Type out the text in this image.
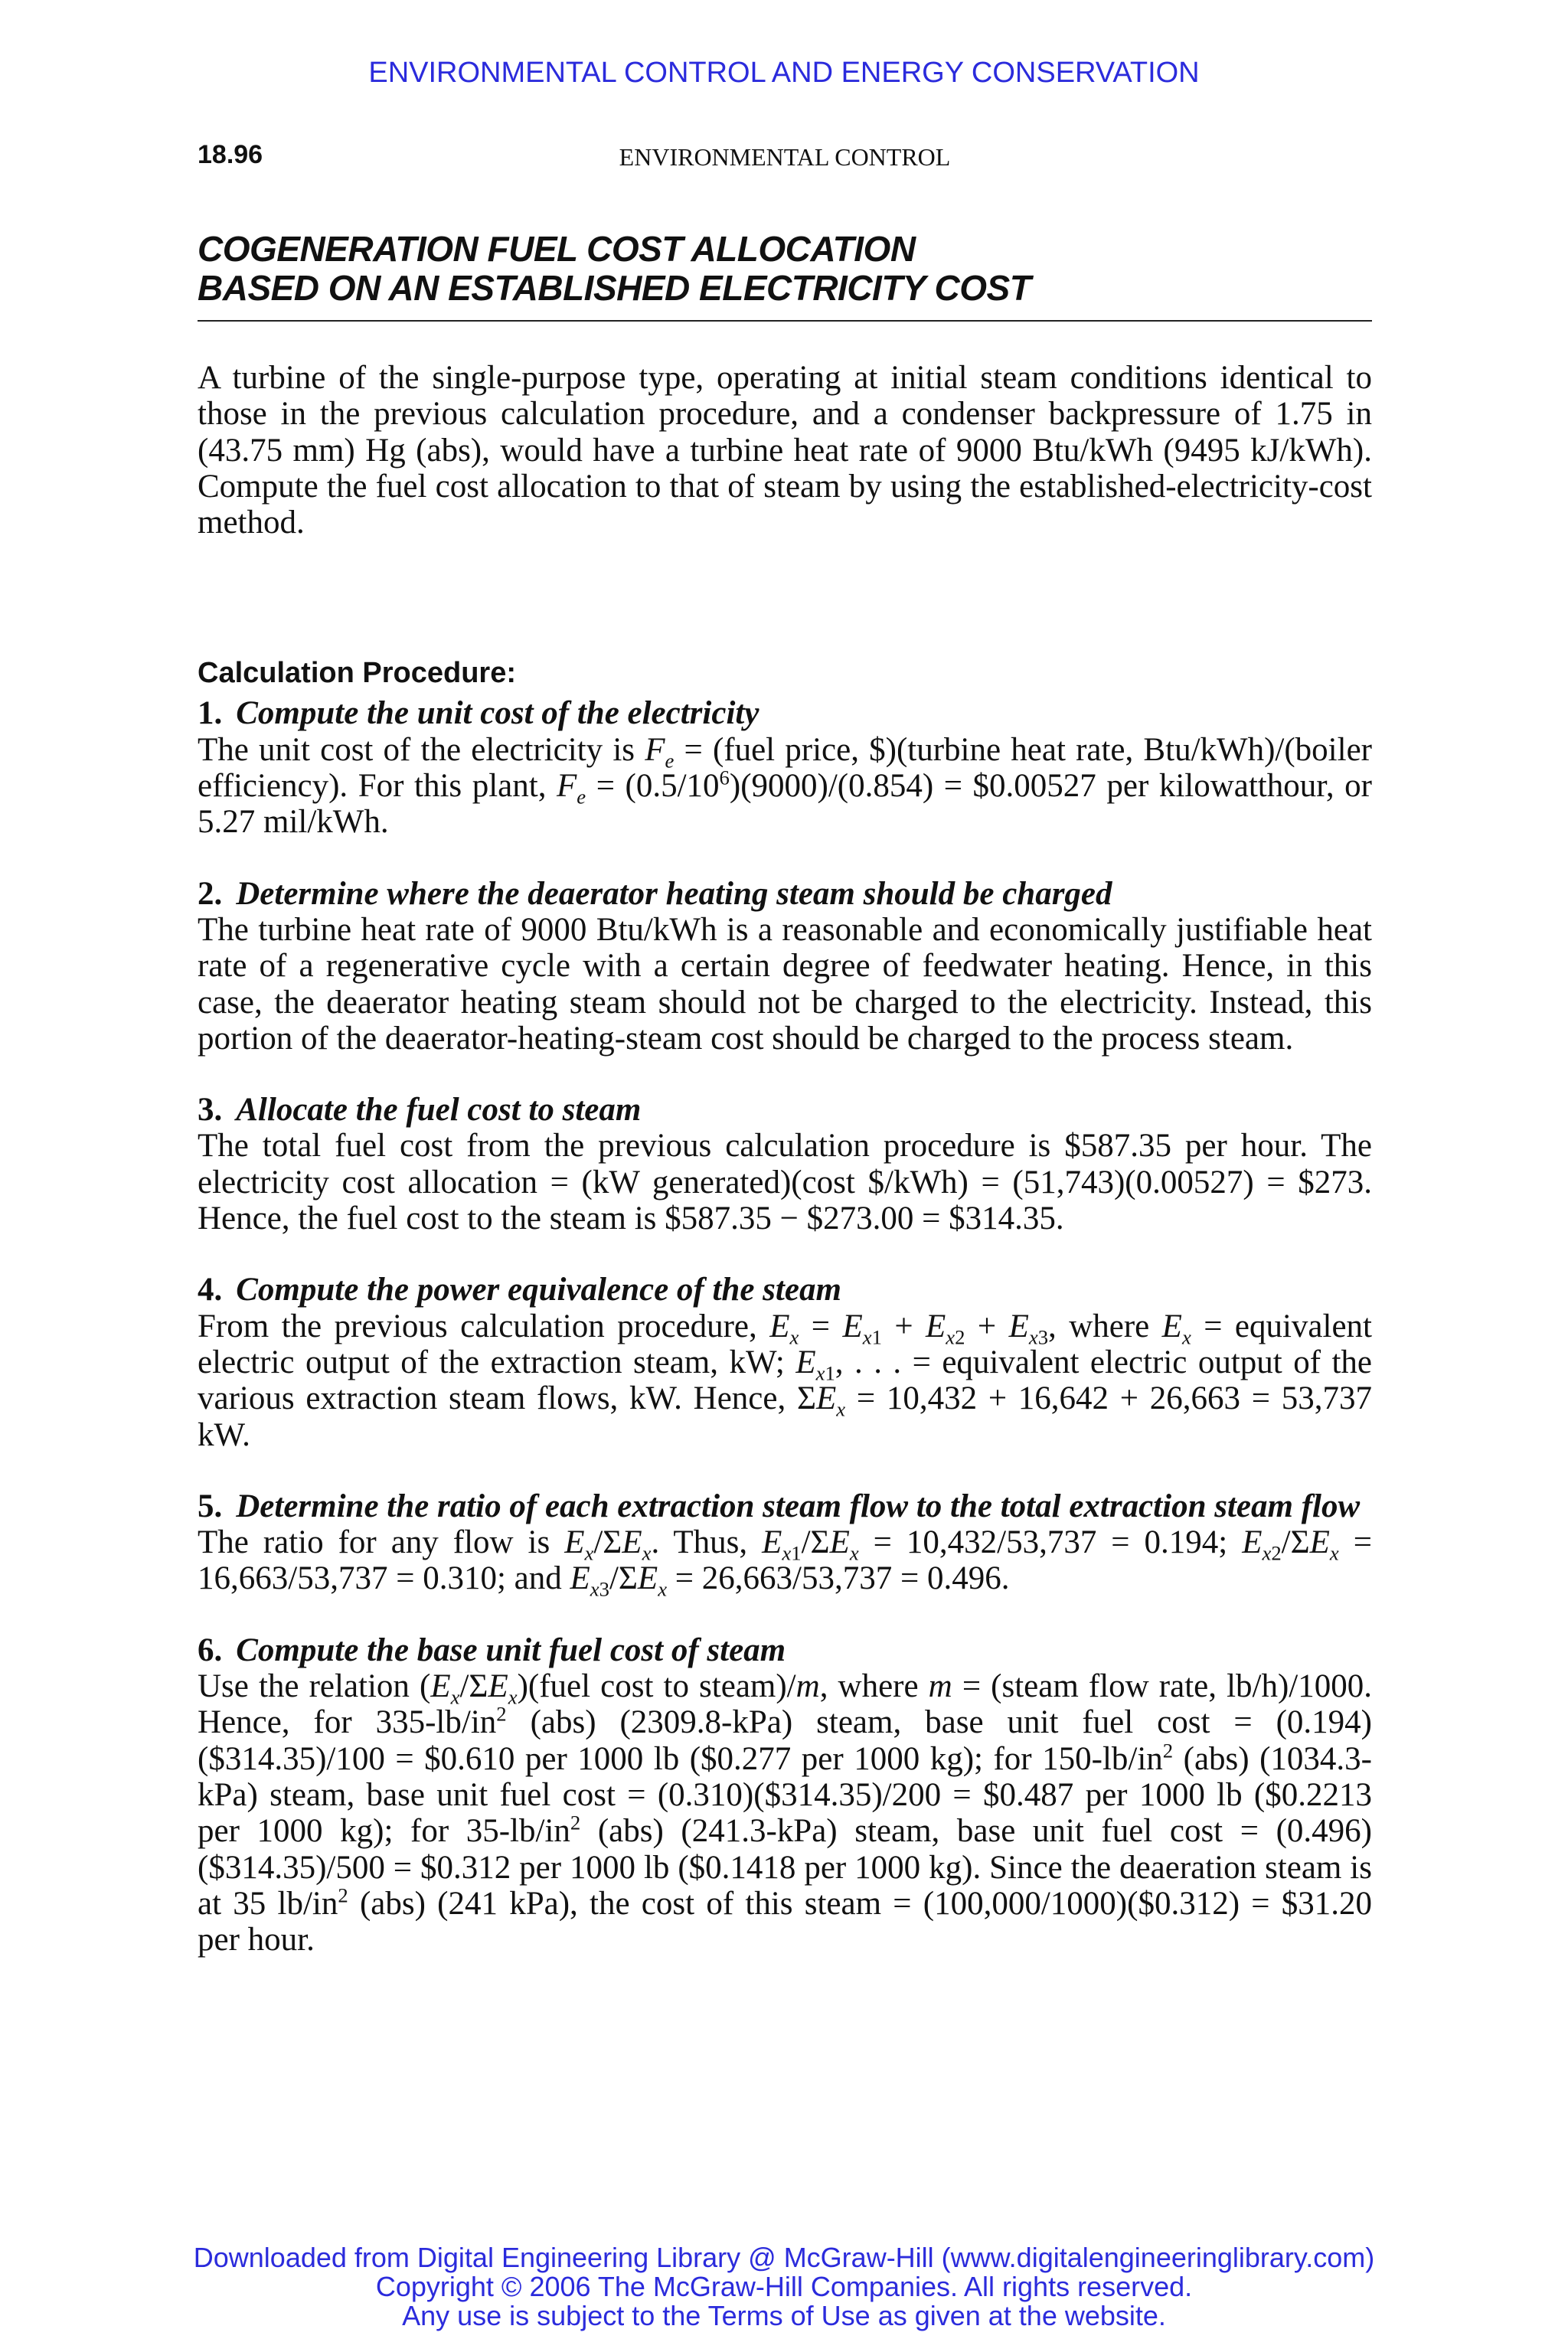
ENVIRONMENTAL CONTROL AND ENERGY CONSERVATION
18.96	ENVIRONMENTAL CONTROL
COGENERATION FUEL COST ALLOCATION
BASED ON AN ESTABLISHED ELECTRICITY COST

A turbine of the single-purpose type, operating at initial steam conditions identical to those in the previous calculation procedure, and a condenser backpressure of 1.75 in (43.75 mm) Hg (abs), would have a turbine heat rate of 9000 Btu/kWh (9495 kJ/kWh). Compute the fuel cost allocation to that of steam by using the established-electricity-cost method.

Calculation Procedure:

1. Compute the unit cost of the electricity

The unit cost of the electricity is $F_e$ = (fuel price, $)(turbine heat rate, Btu/kWh)/(boiler efficiency). For this plant, $F_e = (0.5/10^6)(9000)/(0.854)$ = $0.00527 per kilowatthour, or 5.27 mil/kWh.

2. Determine where the deaerator heating steam should be charged

The turbine heat rate of 9000 Btu/kWh is a reasonable and economically justifiable heat rate of a regenerative cycle with a certain degree of feedwater heating. Hence, in this case, the deaerator heating steam should not be charged to the electricity. Instead, this portion of the deaerator-heating-steam cost should be charged to the process steam.

3. Allocate the fuel cost to steam

The total fuel cost from the previous calculation procedure is $587.35 per hour. The electricity cost allocation = (kW generated)(cost $/kWh) = (51,743)(0.00527) = $273. Hence, the fuel cost to the steam is $587.35 − $273.00 = $314.35.

4. Compute the power equivalence of the steam

From the previous calculation procedure, $E_x = E_{x1} + E_{x2} + E_{x3}$, where $E_x$ = equivalent electric output of the extraction steam, kW; $E_{x1}$, . . . = equivalent electric output of the various extraction steam flows, kW. Hence, $\Sigma E_x = 10,432 + 16,642 + 26,663 = 53,737$ kW.

5. Determine the ratio of each extraction steam flow to the total extraction steam flow

The ratio for any flow is $E_x/\Sigma E_x$. Thus, $E_{x1}/\Sigma E_x = 10,432/53,737 = 0.194$; $E_{x2}/\Sigma E_x = 16,663/53,737 = 0.310$; and $E_{x3}/\Sigma E_x = 26,663/53,737 = 0.496$.

6. Compute the base unit fuel cost of steam

Use the relation $(E_x/\Sigma E_x)(fuel$ cost to steam)/m, where m = (steam flow rate, lb/h)/1000. Hence, for $335-lb/in^2$ (abs) (2309.8-kPa) steam, base unit fuel cost = (0.194)($314.35)/100 = $0.610 per 1000 lb ($0.277 per 1000 kg); for $150-lb/in^2$ (abs) (1034.3-kPa) steam, base unit fuel cost = (0.310)($314.35)/200 = $0.487 per 1000 lb ($0.2213 per 1000 kg); for $35-lb/in^2$ (abs) (241.3-kPa) steam, base unit fuel cost = (0.496)($314.35)/500 = $0.312 per 1000 lb ($0.1418 per 1000 kg). Since the deaeration steam is at 35 $lb/in^2$ (abs) (241 kPa), the cost of this steam = (100,000/1000)($0.312) = $31.20 per hour.

Downloaded from Digital Engineering Library @ McGraw-Hill (www.digitalengineeringlibrary.com)
Copyright © 2006 The McGraw-Hill Companies. All rights reserved.
Any use is subject to the Terms of Use as given at the website.
